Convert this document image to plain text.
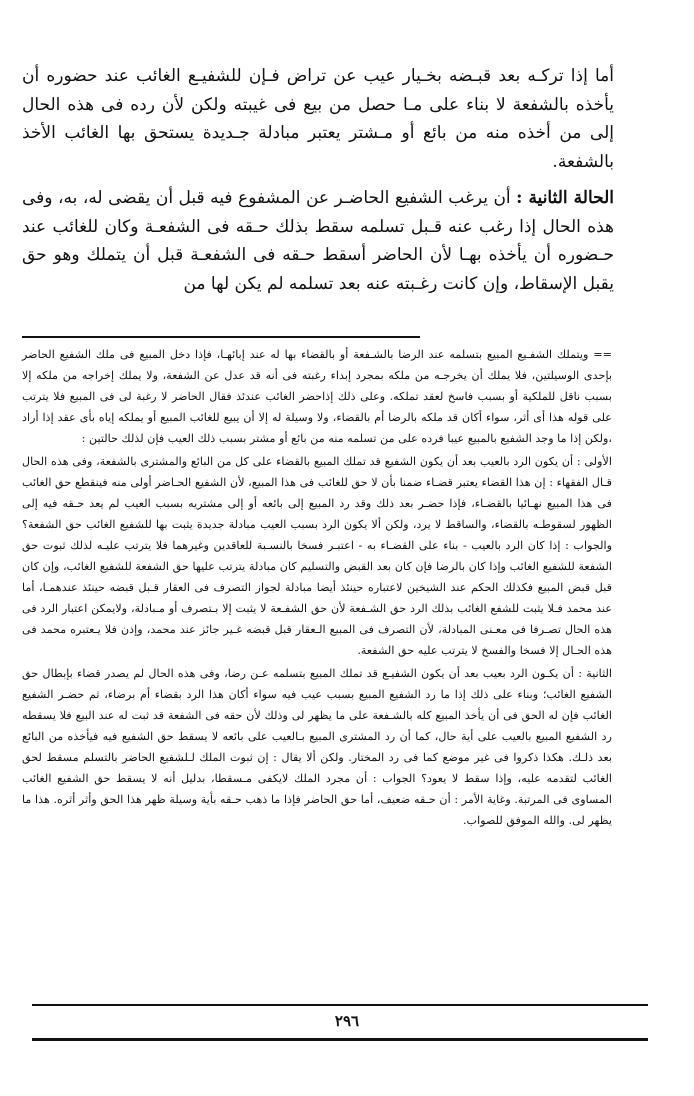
أما إذا تركـه بعد قبـضه بخـيار عيب عن تراض فـإن للشفيـع الغائب عند حضوره أن يأخذه بالشفعة لا بناء على مـا حصل من بيع فى غيبته ولكن لأن رده فى هذه الحال إلى من أخذه منه من بائع أو مـشتر يعتبر مبادلة جـديدة يستحق بها الغائب الأخذ بالشفعة.

الحالة الثانية : أن يرغب الشفيع الحاضـر عن المشفوع فيه قبل أن يقضى له، به، وفى هذه الحال إذا رغب عنه قـبل تسلمه سقط بذلك حـقه فى الشفعـة وكان للغائب عند حـضوره أن يأخذه بهـا لأن الحاضر أسقط حـقه فى الشفعـة قبل أن يتملك وهو حق يقبل الإسقاط، وإن كانت رغـبته عنه بعد تسلمه لم يكن لها من

== ويتملك الشفـيع المبيع بتسلمه عند الرضا بالشـفعة أو بالقضاء بها له عند إبائهـا، فإذا دخل المبيع فى ملك الشفيع الحاضر بإحدى الوسيلتين، فلا يملك أن يخرجـه من ملكه بمجرد إبداء رغبته فى أنه قد عدل عن الشفعة، ولا يملك إخراجه من ملكه إلا بسبب ناقل للملكية أو بسبب فاسخ لعقد تملكه. وعلى ذلك إذاحضر الغائب عندئذ فقال الحاضر لا رغبة لى فى المبيع فلا يترتب على قوله هذا أى أثر، سواء أكان قد ملكه بالرضا أم بالقضاء، ولا وسيلة له إلا أن يبيع للغائب المبيع أو يملكه إياه بأى عقد إذا أراد ،ولكن إذا ما وجد الشفيع بالمبيع عيبا فرده على من تسلمه منه من بائع أو مشتر بسبب ذلك العيب فإن لذلك حالتين :

الأولى : أن يكون الرد بالعيب بعد أن يكون الشفيع قد تملك المبيع بالقضاء على كل من البائع والمشترى بالشفعة، وفى هذه الحال قـال الفقهاء : إن هذا القضاء يعتبر قضـاء ضمنا بأن لا حق للغائب فى هذا المبيع، لأن الشفيع الحـاضر أولى منه فينقطع حق الغائب فى هذا المبيع نهـائيا بالقضـاء، فإذا حضـر بعد ذلك وقد رد المبيع إلى بائعه أو إلى مشتريه بسبب العيب لم يعد حـقه فيه إلى الظهور لسقوطـه بالقضاء، والساقط لا يرد، ولكن ألا يكون الرد بسبب العيب مبادلة جديدة يثبت بها للشفيع الغائب حق الشفعة؟ والجواب : إذا كان الرد بالعيب - بناء على القضـاء به - اعتبـر فسخا بالنسـبة للعاقدين وغيرهما فلا يترتب عليـه لذلك ثبوت حق الشفعة للشفيع الغائب وإذا كان بالرضا فإن كان بعد القبض والتسليم كان مبادلة يترتب عليها حق الشفعة للشفيع الغائب، وإن كان قبل قبض المبيع فكذلك الحكم عند الشيخين لاعتباره حينئذ أيضا مبادلة لجواز التصرف فى العقار قـبل قبضه حينئذ عندهمـا، أما عند محمد فـلا يثبت للشفع الغائب بذلك الرد حق الشـفعة لأن حق الشفـعة لا يثبت إلا بـتصرف أو مـبادلة، ولايمكن اعتبار الرد فى هذه الحال تصـرفا فى معـنى المبادلة، لأن التصرف فى المبيع الـعقار قبل قبضه غـير جائز عند محمد، وإذن فلا يـعتبره محمد فى هذه الحـال إلا فسخا والفسخ لا يترتب عليه حق الشفعة.

الثانية : أن يكـون الرد بعيب بعد أن يكون الشفيـع قد تملك المبيع بتسلمه عـن رضا، وفى هذه الحال لم يصدر قضاء بإبطال حق الشفيع الغائب؛ وبناء على ذلك إذا ما رد الشفيع المبيع بسبب عيب فيه سواء أكان هذا الرد بقضاء أم برضاء، ثم حضـر الشفيع الغائب فإن له الحق فى أن يأخذ المبيع كله بالشـفعة على ما يظهر لى وذلك لأن حقه فى الشفعة قد ثبت له عند البيع فلا يسقطه رد الشفيع المبيع بالعيب على أية حال، كما أن رد المشترى المبيع بـالعيب على بائعه لا يسقط حق الشفيع فيه فيأخذه من البائع بعد ذلـك. هكذا ذكروا فى غير موضع كما فى رد المختار. ولكن ألا يقال : إن ثبوت الملك لـلشفيع الحاضر بالتسلم مسقط لحق الغائب لتقدمه عليه، وإذا سقط لا يعود؟ الجواب : أن مجرد الملك لايكفى مـسقطا، بدليل أنه لا يسقط حق الشفيع الغائب المساوى فى المرتبة. وغاية الأمر : أن حـقه ضعيف، أما حق الحاضر فإذا ما ذهب حـقه بأية وسيلة ظهر هذا الحق وأثر أثره. هذا ما يظهر لى. والله الموفق للصواب.

٢٩٦
